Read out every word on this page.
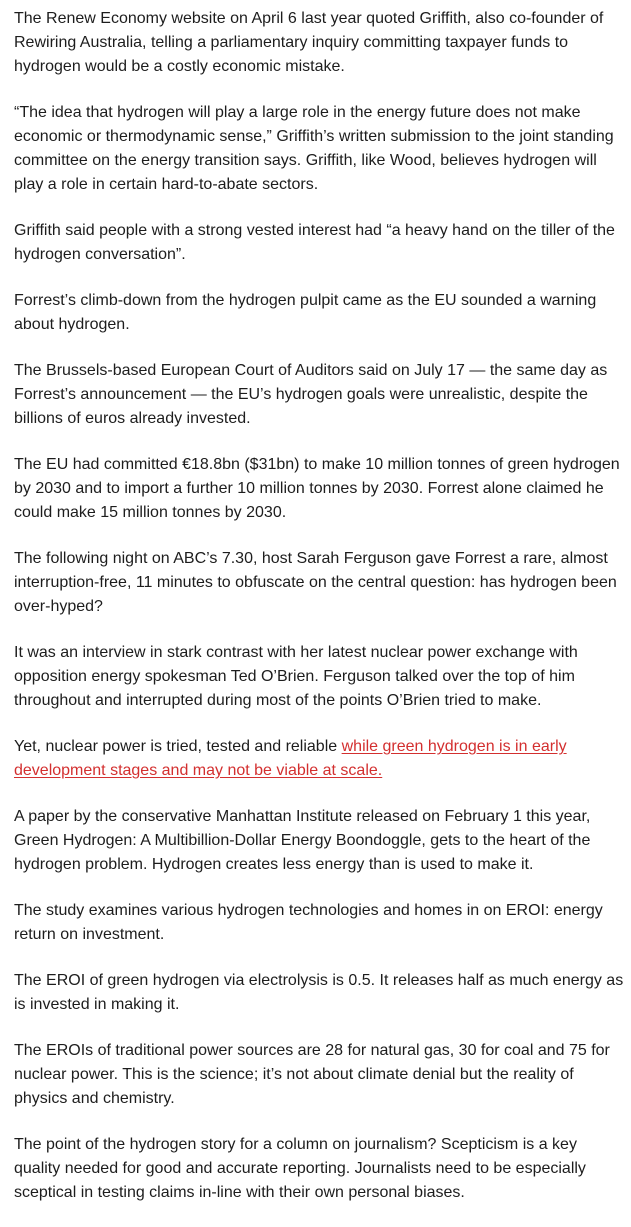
The Renew Economy website on April 6 last year quoted Griffith, also co-founder of Rewiring Australia, telling a parliamentary inquiry committing taxpayer funds to hydrogen would be a costly economic mistake.

“The idea that hydrogen will play a large role in the energy future does not make economic or thermodynamic sense,” Griffith’s written submission to the joint standing committee on the energy transition says. Griffith, like Wood, believes hydrogen will play a role in certain hard-to-abate sectors.

Griffith said people with a strong vested interest had “a heavy hand on the tiller of the hydrogen conversation”.

Forrest’s climb-down from the hydrogen pulpit came as the EU sounded a warning about hydrogen.

The Brussels-based European Court of Auditors said on July 17 — the same day as Forrest’s announcement — the EU’s hydrogen goals were unrealistic, despite the billions of euros already invested.

The EU had committed €18.8bn ($31bn) to make 10 million tonnes of green hydrogen by 2030 and to import a further 10 million tonnes by 2030. Forrest alone claimed he could make 15 million tonnes by 2030.

The following night on ABC’s 7.30, host Sarah Ferguson gave Forrest a rare, almost interruption-free, 11 minutes to obfuscate on the central question: has hydrogen been over-hyped?

It was an interview in stark contrast with her latest nuclear power exchange with opposition energy spokesman Ted O’Brien. Ferguson talked over the top of him throughout and interrupted during most of the points O’Brien tried to make.

Yet, nuclear power is tried, tested and reliable while green hydrogen is in early development stages and may not be viable at scale.

A paper by the conservative Manhattan Institute released on February 1 this year, Green Hydrogen: A Multibillion-Dollar Energy Boondoggle, gets to the heart of the hydrogen problem. Hydrogen creates less energy than is used to make it.

The study examines various hydrogen technologies and homes in on EROI: energy return on investment.

The EROI of green hydrogen via electrolysis is 0.5. It releases half as much energy as is invested in making it.

The EROIs of traditional power sources are 28 for natural gas, 30 for coal and 75 for nuclear power. This is the science; it’s not about climate denial but the reality of physics and chemistry.

The point of the hydrogen story for a column on journalism? Scepticism is a key quality needed for good and accurate reporting. Journalists need to be especially sceptical in testing claims in-line with their own personal biases.
